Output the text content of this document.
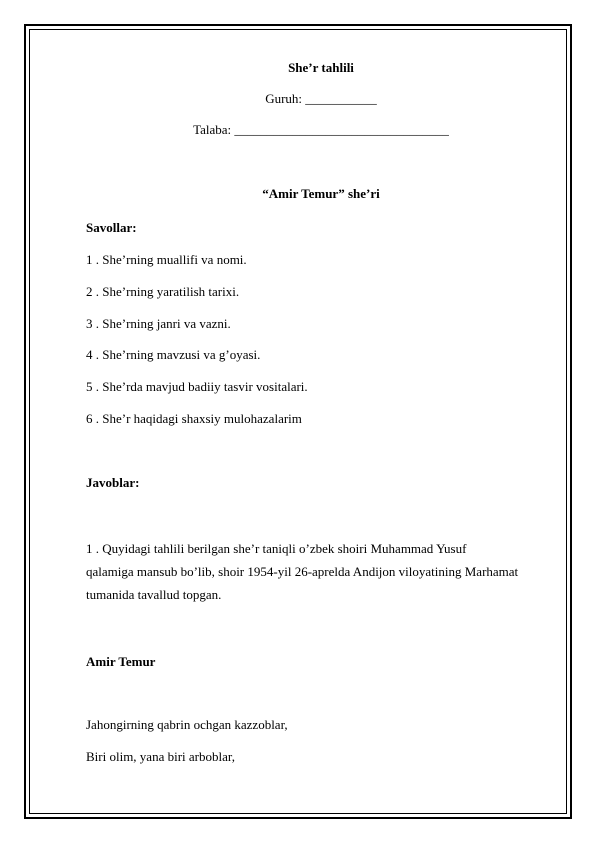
She’r tahlili
Guruh: ___________
Talaba: _________________________________
“Amir Temur” she’ri
Savollar:
1 . She’rning muallifi va nomi.
2 . She’rning yaratilish tarixi.
3 . She’rning janri va vazni.
4 . She’rning mavzusi va g’oyasi.
5 . She’rda mavjud badiiy tasvir vositalari.
6 . She’r haqidagi shaxsiy mulohazalarim
Javoblar:
1 . Quyidagi tahlili berilgan she’r taniqli o’zbek shoiri Muhammad Yusuf
qalamiga mansub bo’lib, shoir 1954-yil 26-aprelda Andijon viloyatining Marhamat
tumanida tavallud topgan.
Amir Temur
Jahongirning qabrin ochgan kazzoblar,
Biri olim, yana biri arboblar,
